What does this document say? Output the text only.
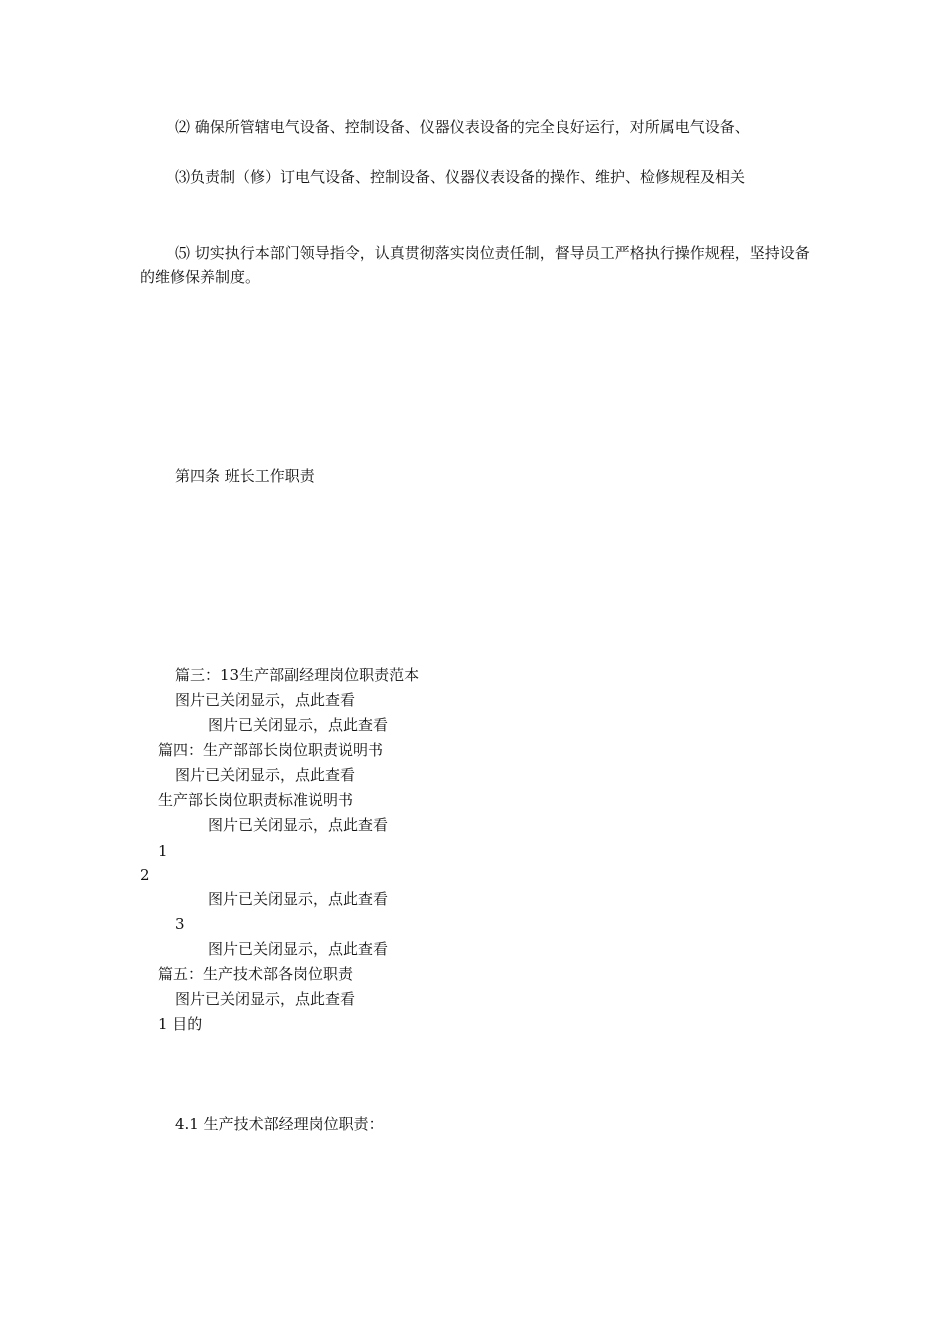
⑵ 确保所管辖电气设备、控制设备、仪器仪表设备的完全良好运行，对所属电气设备、
⑶负责制（修）订电气设备、控制设备、仪器仪表设备的操作、维护、检修规程及相关
⑸ 切实执行本部门领导指令，认真贯彻落实岗位责任制，督导员工严格执行操作规程，坚持设备的维修保养制度。
第四条 班长工作职责
篇三：13生产部副经理岗位职责范本
图片已关闭显示，点此查看
图片已关闭显示，点此查看
篇四：生产部部长岗位职责说明书
图片已关闭显示，点此查看
生产部长岗位职责标准说明书
图片已关闭显示，点此查看
1
2
图片已关闭显示，点此查看
3
图片已关闭显示，点此查看
篇五：生产技术部各岗位职责
图片已关闭显示，点此查看
1 目的
4.1 生产技术部经理岗位职责：
